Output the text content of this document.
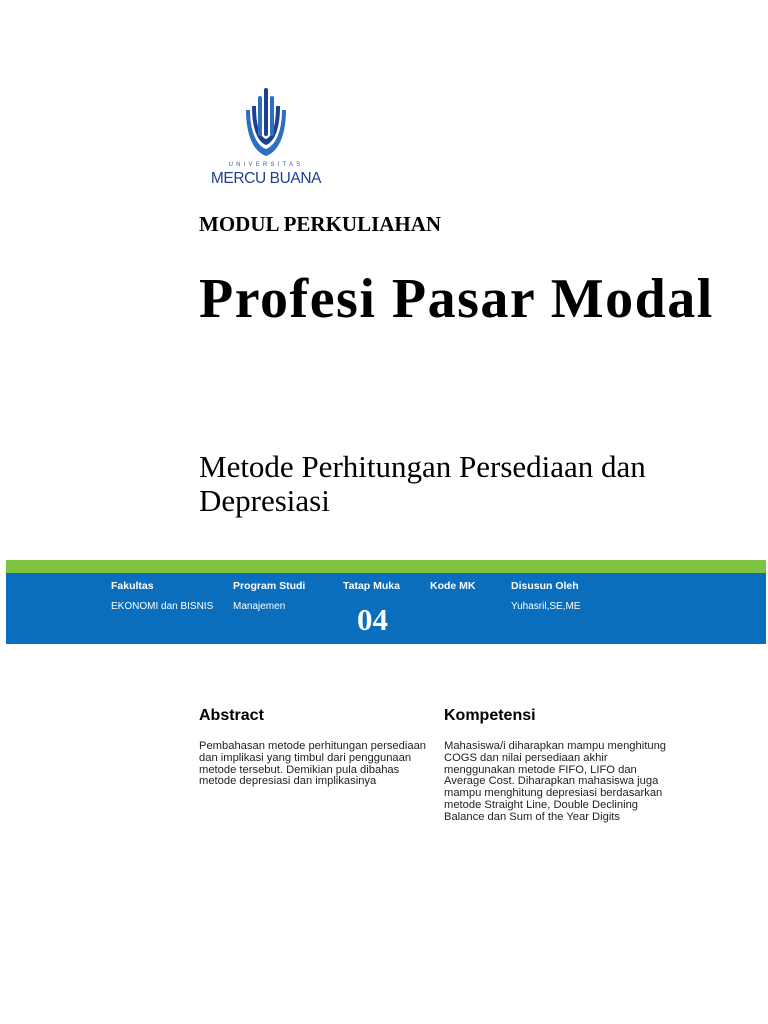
UNIVERSITAS
MERCU BUANA
MODUL PERKULIAHAN
Profesi Pasar Modal
Metode Perhitungan Persediaan dan Depresiasi
Fakultas
EKONOMI dan BISNIS
Program Studi
Manajemen
Tatap Muka
04
Kode MK	Disusun Oleh
Yuhasril,SE,ME
Abstract
Pembahasan metode perhitungan persediaan dan implikasi yang timbul dari penggunaan metode tersebut. Demikian pula dibahas metode depresiasi dan implikasinya
Kompetensi
Mahasiswa/i diharapkan mampu menghitung COGS dan nilai persediaan akhir menggunakan metode FIFO, LIFO dan Average Cost. Diharapkan mahasiswa juga mampu menghitung depresiasi berdasarkan metode Straight Line, Double Declining Balance dan Sum of the Year Digits
